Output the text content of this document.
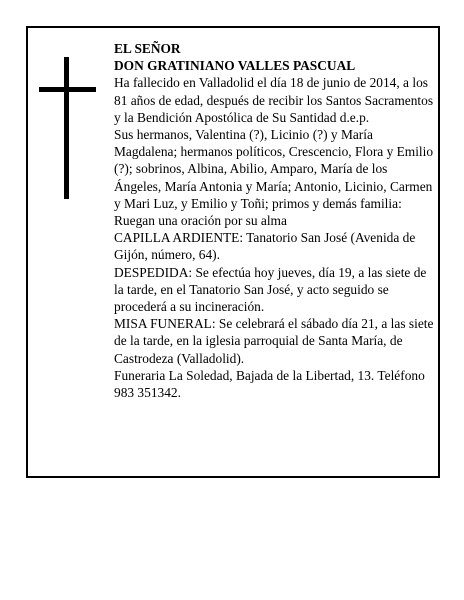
EL SEÑOR

DON GRATINIANO VALLES PASCUAL

Ha fallecido en Valladolid el día 18 de junio de 2014, a los 81 años de edad, después de recibir los Santos Sacramentos y la Bendición Apostólica de Su Santidad d.e.p.

Sus hermanos, Valentina (?), Licinio (?) y María Magdalena; hermanos políticos, Crescencio, Flora y Emilio (?); sobrinos, Albina, Abilio, Amparo, María de los Ángeles, María Antonia y María; Antonio, Licinio, Carmen y Mari Luz, y Emilio y Toñi; primos y demás familia:

Ruegan una oración por su alma

CAPILLA ARDIENTE: Tanatorio San José (Avenida de Gijón, número, 64).

DESPEDIDA: Se efectúa hoy jueves, día 19, a las siete de la tarde, en el Tanatorio San José, y acto seguido se procederá a su incineración.

MISA FUNERAL: Se celebrará el sábado día 21, a las siete de la tarde, en la iglesia parroquial de Santa María, de Castrodeza (Valladolid).

Funeraria La Soledad, Bajada de la Libertad, 13. Teléfono 983 351342.
